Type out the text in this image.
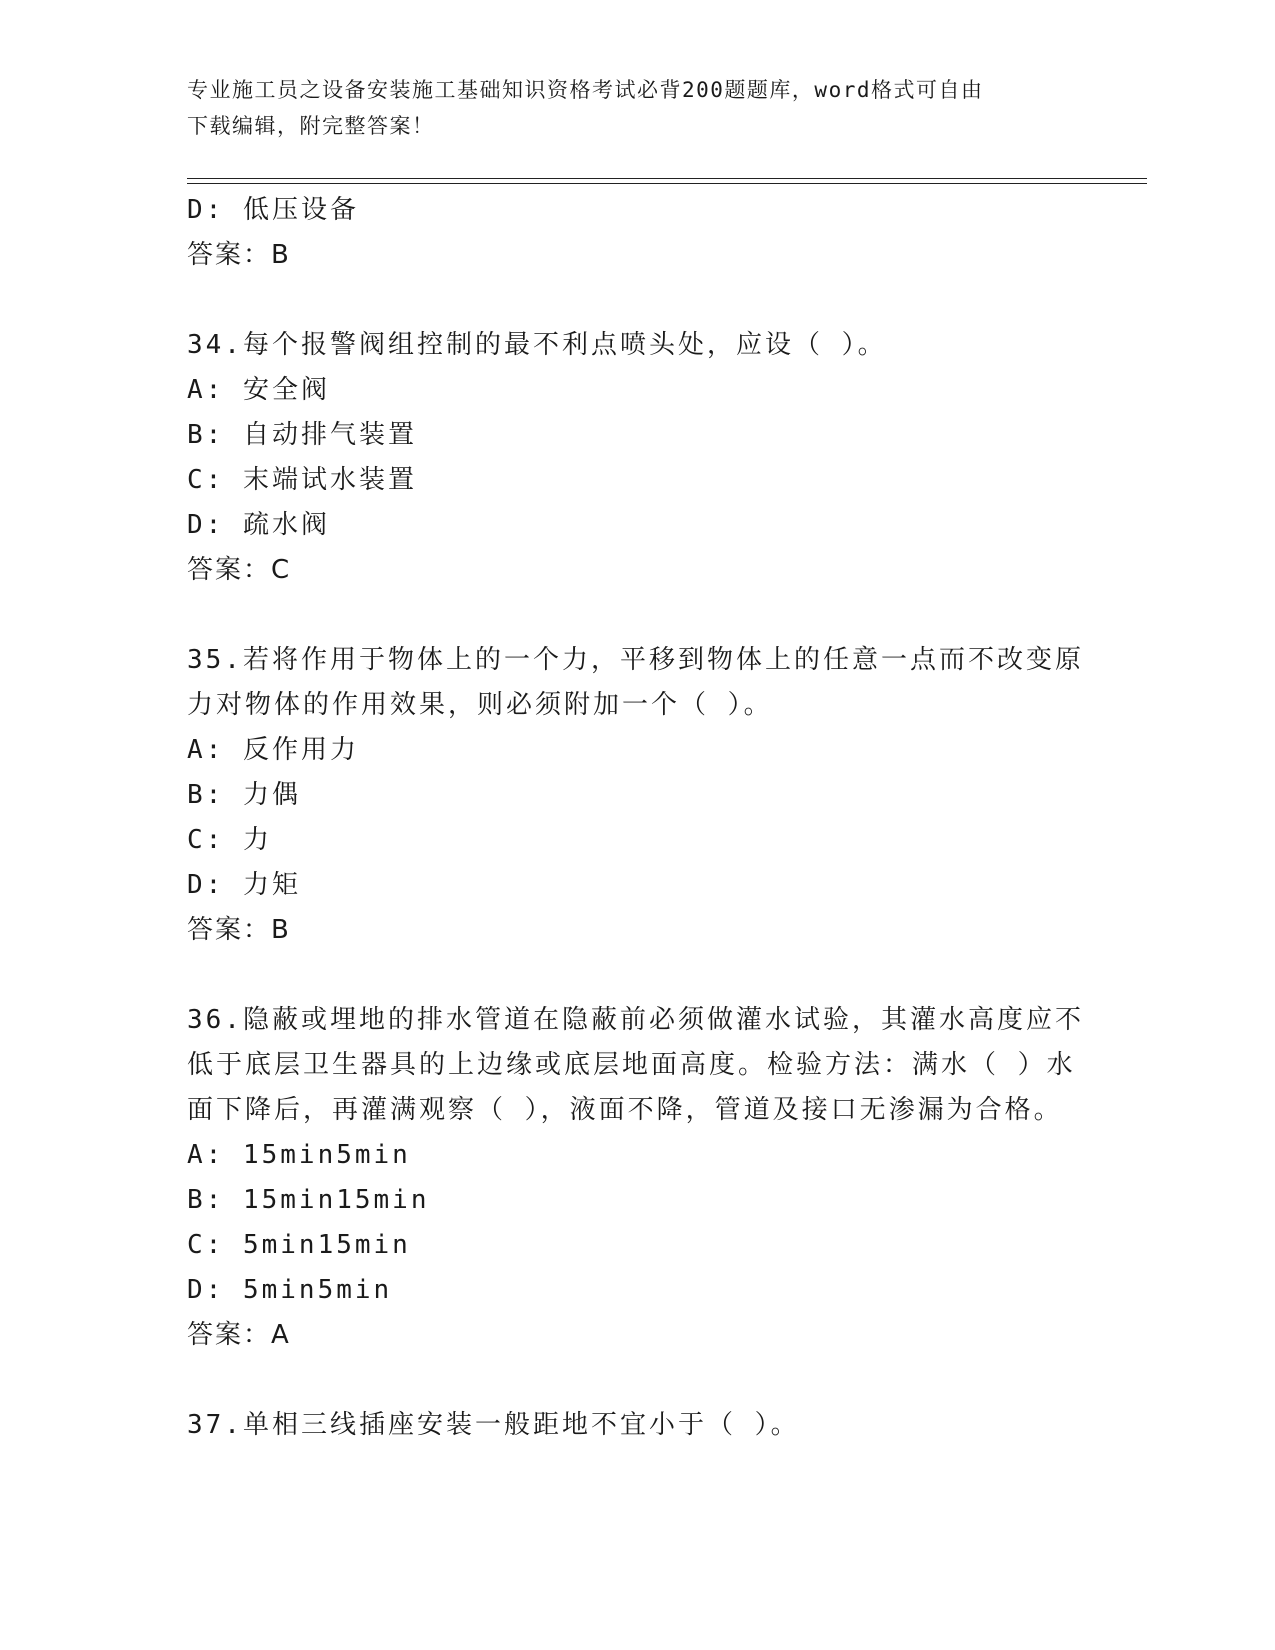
专业施工员之设备安装施工基础知识资格考试必背200题题库，word格式可自由
下载编辑，附完整答案！
D: 低压设备
答案：B
34.每个报警阀组控制的最不利点喷头处，应设（ ）。
A: 安全阀
B: 自动排气装置
C: 末端试水装置
D: 疏水阀
答案：C
35.若将作用于物体上的一个力，平移到物体上的任意一点而不改变原
力对物体的作用效果，则必须附加一个（ ）。
A: 反作用力
B: 力偶
C: 力
D: 力矩
答案：B
36.隐蔽或埋地的排水管道在隐蔽前必须做灌水试验，其灌水高度应不
低于底层卫生器具的上边缘或底层地面高度。检验方法：满水（ ）水
面下降后，再灌满观察（ ），液面不降，管道及接口无渗漏为合格。
A: 15min5min
B: 15min15min
C: 5min15min
D: 5min5min
答案：A
37.单相三线插座安装一般距地不宜小于（ ）。
